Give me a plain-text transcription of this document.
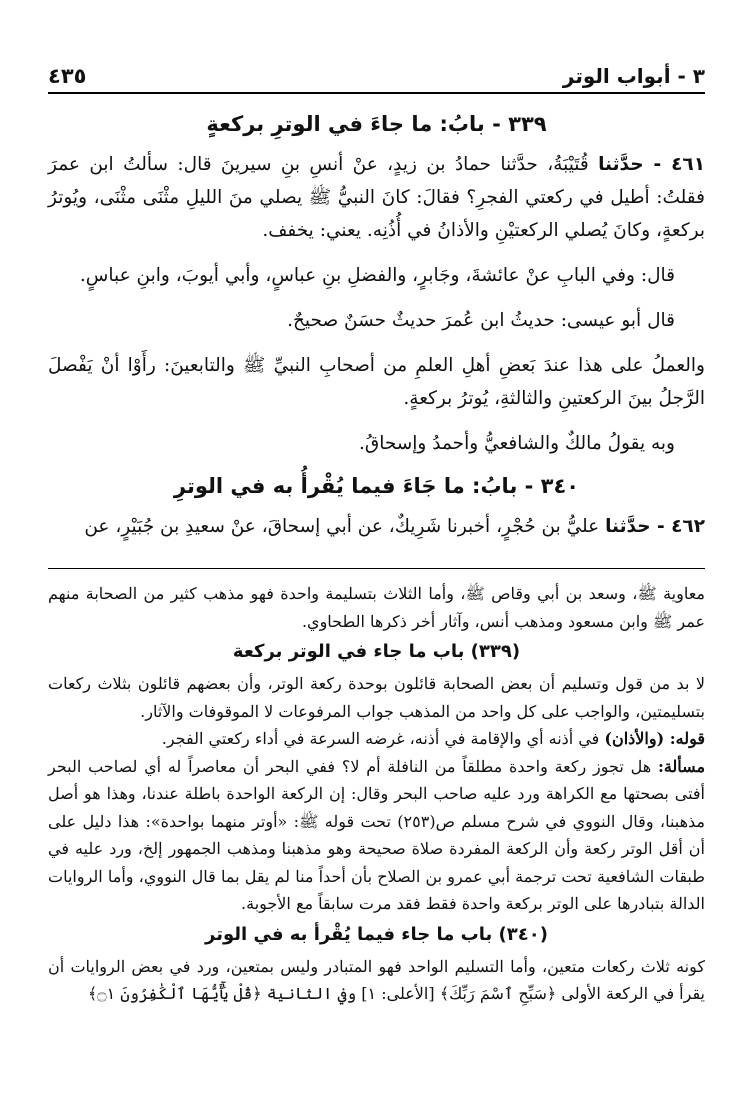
٣ - أبواب الوتر
٤٣٥
٣٣٩ - بابُ: ما جاءَ في الوترِ بركعةٍ

٤٦١ - حدَّثنا قُتَيْبَةُ، حدَّثنا حمادُ بن زيدٍ، عنْ أنسِ بنِ سيرينَ قال: سألتُ ابن عمرَ فقلتُ: أطيل في ركعتي الفجرِ؟ فقالَ: كانَ النبيُّ ﷺ يصلي منَ الليلِ مثْنَى مثْنَى، ويُوترُ بركعةٍ، وكانَ يُصلي الركعتيْنِ والأذانُ في أُذُنِه. يعني: يخفف.

قال: وفي البابِ عنْ عائشةَ، وجَابرٍ، والفضلِ بنِ عباسٍ، وأبي أيوبَ، وابنِ عباسٍ.

قال أبو عيسى: حديثُ ابن عُمرَ حديثٌ حسَنٌ صحيحٌ.

والعملُ على هذا عندَ بَعضِ أهلِ العلمِ من أصحابِ النبيِّ ﷺ والتابعينَ: رأَوْا أنْ يَفْصلَ الرَّجلُ بينَ الركعتينِ والثالثةِ، يُوترُ بركعةٍ.

وبه يقولُ مالكٌ والشافعيُّ وأحمدُ وإسحاقُ.

٣٤٠ - بابُ: ما جَاءَ فيما يُقْرأُ به في الوترِ

٤٦٢ - حدَّثنا عليُّ بن حُجْرٍ، أخبرنا شَرِيكٌ، عن أبي إسحاقَ، عنْ سعيدِ بن جُبَيْرٍ، عن

معاوية ﷺ، وسعد بن أبي وقاص ﷺ، وأما الثلاث بتسليمة واحدة فهو مذهب كثير من الصحابة منهم عمر ﷺ وابن مسعود ومذهب أنس، وآثار أخر ذكرها الطحاوي.

(٣٣٩) باب ما جاء في الوتر بركعة

لا بد من قول وتسليم أن بعض الصحابة قائلون بوحدة ركعة الوتر، وأن بعضهم قائلون بثلاث ركعات بتسليمتين، والواجب على كل واحد من المذهب جواب المرفوعات لا الموقوفات والآثار.

قوله: (والأذان) في أذنه أي والإقامة في أذنه، غرضه السرعة في أداء ركعتي الفجر.

مسألة: هل تجوز ركعة واحدة مطلقاً من النافلة أم لا؟ ففي البحر أن معاصراً له أي لصاحب البحر أفتى بصحتها مع الكراهة ورد عليه صاحب البحر وقال: إن الركعة الواحدة باطلة عندنا، وهذا هو أصل مذهبنا، وقال النووي في شرح مسلم ص(٢٥٣) تحت قوله ﷺ: «أوتر منهما بواحدة»: هذا دليل على أن أقل الوتر ركعة وأن الركعة المفردة صلاة صحيحة وهو مذهبنا ومذهب الجمهور إلخ، ورد عليه في طبقات الشافعية تحت ترجمة أبي عمرو بن الصلاح بأن أحداً منا لم يقل بما قال النووي، وأما الروايات الدالة بتبادرها على الوتر بركعة واحدة فقط فقد مرت سابقاً مع الأجوبة.

(٣٤٠) باب ما جاء فيما يُقْرأ به في الوتر

كونه ثلاث ركعات متعين، وأما التسليم الواحد فهو المتبادر وليس بمتعين، ورد في بعض الروايات أن يقرأ في الركعة الأولى ﴿سَبِّحِ ٱسْمَ رَبِّكَ﴾ [الأعلى: ١] وفي الثانية ﴿قُلْ يَٰٓأَيُّهَا ٱلْكَٰفِرُونَ ۝١﴾
